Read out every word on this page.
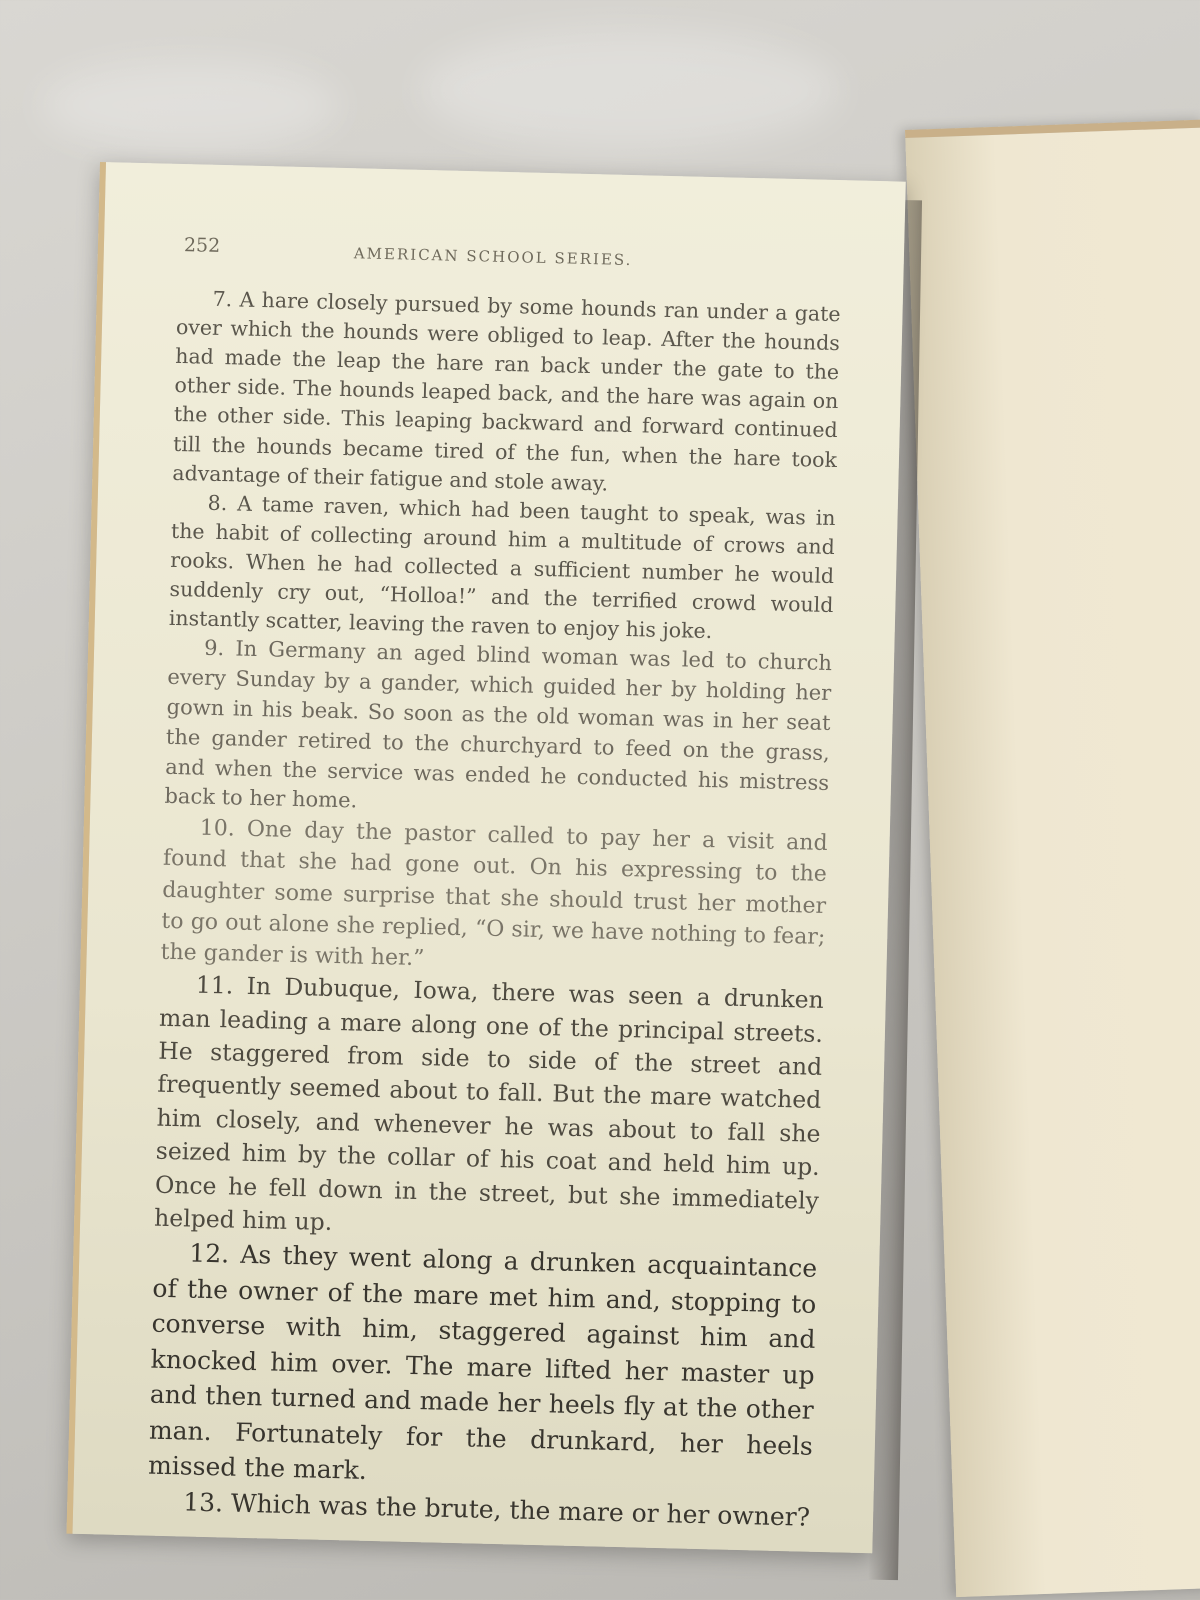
252	AMERICAN SCHOOL SERIES.

7. A hare closely pursued by some hounds ran under a gate over which the hounds were obliged to leap. After the hounds had made the leap the hare ran back under the gate to the other side. The hounds leaped back, and the hare was again on the other side. This leaping backward and forward continued till the hounds became tired of the fun, when the hare took advantage of their fatigue and stole away.

8. A tame raven, which had been taught to speak, was in the habit of collecting around him a multitude of crows and rooks. When he had collected a sufficient number he would suddenly cry out, “Holloa!” and the terrified crowd would instantly scatter, leaving the raven to enjoy his joke.

9. In Germany an aged blind woman was led to church every Sunday by a gander, which guided her by holding her gown in his beak. So soon as the old woman was in her seat the gander retired to the churchyard to feed on the grass, and when the service was ended he conducted his mistress back to her home.

10. One day the pastor called to pay her a visit and found that she had gone out. On his expressing to the daughter some surprise that she should trust her mother to go out alone she replied, “O sir, we have nothing to fear; the gander is with her.”

11. In Dubuque, Iowa, there was seen a drunken man leading a mare along one of the principal streets. He staggered from side to side of the street and frequently seemed about to fall. But the mare watched him closely, and whenever he was about to fall she seized him by the collar of his coat and held him up. Once he fell down in the street, but she immediately helped him up.

12. As they went along a drunken acquaintance of the owner of the mare met him and, stopping to converse with him, staggered against him and knocked him over. The mare lifted her master up and then turned and made her heels fly at the other man. Fortunately for the drunkard, her heels missed the mark.

13. Which was the brute, the mare or her owner?
